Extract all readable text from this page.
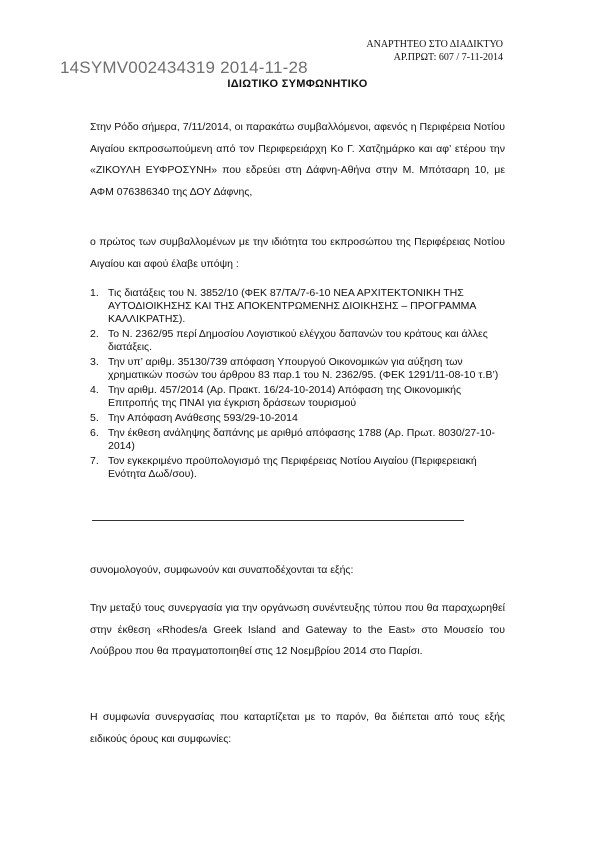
ΑΝΑΡΤΗΤΕΟ ΣΤΟ ΔΙΑΔΙΚΤΥΟ
ΑΡ.ΠΡΩΤ: 607 / 7-11-2014
14SYMV002434319 2014-11-28
ΙΔΙΩΤΙΚΟ ΣΥΜΦΩΝΗΤΙΚΟ
Στην Ρόδο σήμερα, 7/11/2014, οι παρακάτω συμβαλλόμενοι, αφενός η Περιφέρεια Νοτίου Αιγαίου εκπροσωπούμενη από τον Περιφερειάρχη Κο Γ. Χατζημάρκο και αφ’ ετέρου την «ΖΙΚΟΥΛΗ ΕΥΦΡΟΣΥΝΗ» που εδρεύει στη Δάφνη-Αθήνα στην Μ. Μπότσαρη 10, με ΑΦΜ 076386340 της ΔΟΥ Δάφνης,
ο πρώτος των συμβαλλομένων με την ιδιότητα του εκπροσώπου της Περιφέρειας Νοτίου Αιγαίου και αφού έλαβε υπόψη :
1. Τις διατάξεις του Ν. 3852/10 (ΦΕΚ 87/ΤΑ/7-6-10 ΝΕΑ ΑΡΧΙΤΕΚΤΟΝΙΚΗ ΤΗΣ ΑΥΤΟΔΙΟΙΚΗΣΗΣ ΚΑΙ ΤΗΣ ΑΠΟΚΕΝΤΡΩΜΕΝΗΣ ΔΙΟΙΚΗΣΗΣ – ΠΡΟΓΡΑΜΜΑ ΚΑΛΛΙΚΡΑΤΗΣ).
2. Το Ν. 2362/95 περί Δημοσίου Λογιστικού ελέγχου δαπανών του κράτους και άλλες διατάξεις.
3. Την υπ’ αριθμ. 35130/739 απόφαση Υπουργού Οικονομικών για αύξηση των χρηματικών ποσών του άρθρου 83 παρ.1 του Ν. 2362/95. (ΦΕΚ 1291/11-08-10 τ.Β’)
4. Την αριθμ. 457/2014 (Αρ. Πρακτ. 16/24-10-2014) Απόφαση της Οικονομικής Επιτροπής της ΠΝΑΙ για έγκριση δράσεων τουρισμού
5. Την Απόφαση Ανάθεσης 593/29-10-2014
6. Την έκθεση ανάληψης δαπάνης με αριθμό απόφασης 1788 (Αρ. Πρωτ. 8030/27-10-2014)
7. Τον εγκεκριμένο προϋπολογισμό της Περιφέρειας Νοτίου Αιγαίου (Περιφερειακή Ενότητα Δωδ/σου).
συνομολογούν, συμφωνούν και συναποδέχονται τα εξής:
Την μεταξύ τους συνεργασία για την οργάνωση συνέντευξης τύπου που θα παραχωρηθεί στην έκθεση «Rhodes/a Greek Island and Gateway to the East» στο Μουσείο του Λούβρου που θα πραγματοποιηθεί στις 12 Νοεμβρίου 2014 στο Παρίσι.
Η συμφωνία συνεργασίας που καταρτίζεται με το παρόν, θα διέπεται από τους εξής ειδικούς όρους και συμφωνίες:
